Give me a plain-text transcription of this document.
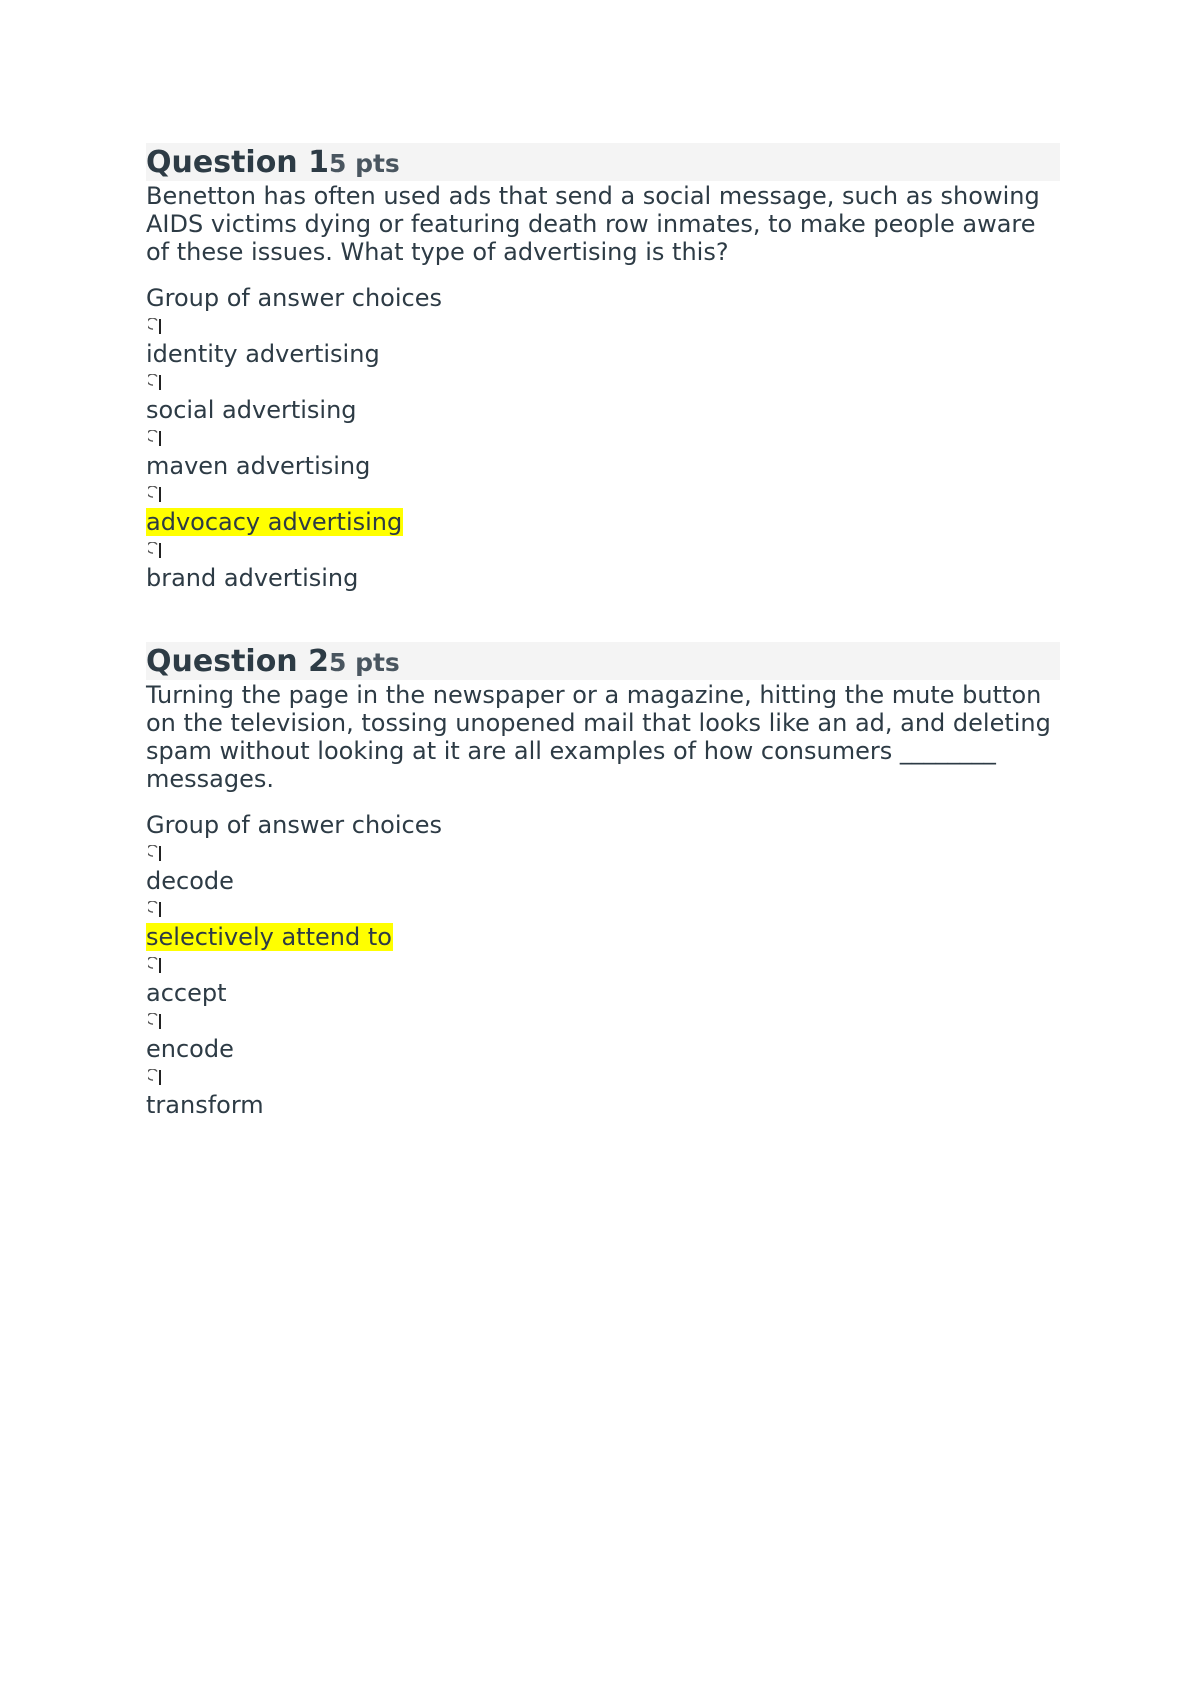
Question 15 pts
Benetton has often used ads that send a social message, such as showing AIDS victims dying or featuring death row inmates, to make people aware of these issues. What type of advertising is this?
Group of answer choices
identity advertising
social advertising
maven advertising
advocacy advertising
brand advertising
Question 25 pts
Turning the page in the newspaper or a magazine, hitting the mute button on the television, tossing unopened mail that looks like an ad, and deleting spam without looking at it are all examples of how consumers ________ messages.
Group of answer choices
decode
selectively attend to
accept
encode
transform
